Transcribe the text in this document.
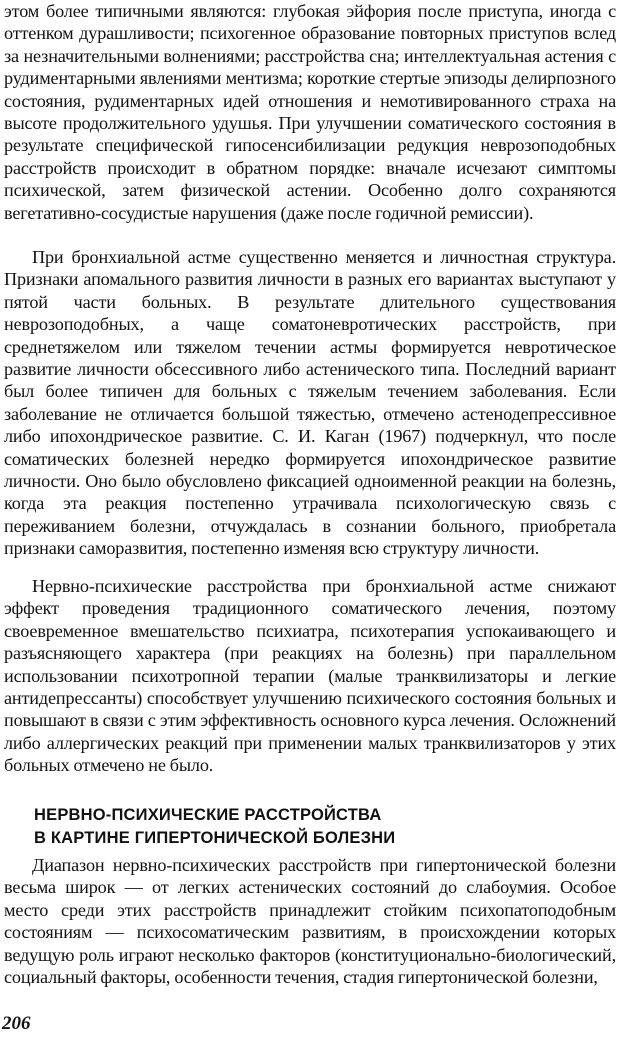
этом более типичными являются: глубокая эйфория после приступа, иногда с оттенком дурашливости; психогенное образование повторных приступов вслед за незначительными волнениями; расстройства сна; интеллектуальная астения с рудиментарными явлениями ментизма; короткие стертые эпизоды делирпозного состояния, рудиментарных идей отношения и немотивированного страха на высоте продолжительного удушья. При улучшении соматического состояния в результате специфической гипосенсибилизации редукция неврозоподобных расстройств происходит в обратном порядке: вначале исчезают симптомы психической, затем физической астении. Особенно долго сохраняются вегетативно-сосудистые нарушения (даже после годичной ремиссии).

При бронхиальной астме существенно меняется и личностная структура. Признаки апомального развития личности в разных его вариантах выступают у пятой части больных. В результате длительного существования неврозоподобных, а чаще соматоневротических расстройств, при среднетяжелом или тяжелом течении астмы формируется невротическое развитие личности обсессивного либо астенического типа. Последний вариант был более типичен для больных с тяжелым течением заболевания. Если заболевание не отличается большой тяжестью, отмечено астенодепрессивное либо ипохондрическое развитие. С. И. Каган (1967) подчеркнул, что после соматических болезней нередко формируется ипохондрическое развитие личности. Оно было обусловлено фиксацией одноименной реакции на болезнь, когда эта реакция постепенно утрачивала психологическую связь с переживанием болезни, отчуждалась в сознании больного, приобретала признаки саморазвития, постепенно изменяя всю структуру личности.

Нервно-психические расстройства при бронхиальной астме снижают эффект проведения традиционного соматического лечения, поэтому своевременное вмешательство психиатра, психотерапия успокаивающего и разъясняющего характера (при реакциях на болезнь) при параллельном использовании психотропной терапии (малые транквилизаторы и легкие антидепрессанты) способствует улучшению психического состояния больных и повышают в связи с этим эффективность основного курса лечения. Осложнений либо аллергических реакций при применении малых транквилизаторов у этих больных отмечено не было.

НЕРВНО-ПСИХИЧЕСКИЕ РАССТРОЙСТВА
В КАРТИНЕ ГИПЕРТОНИЧЕСКОЙ БОЛЕЗНИ

Диапазон нервно-психических расстройств при гипертонической болезни весьма широк — от легких астенических состояний до слабоумия. Особое место среди этих расстройств принадлежит стойким психопатоподобным состояниям — психосоматическим развитиям, в происхождении которых ведущую роль играют несколько факторов (конституционально-биологический, социальный факторы, особенности течения, стадия гипертонической болезни,

206
